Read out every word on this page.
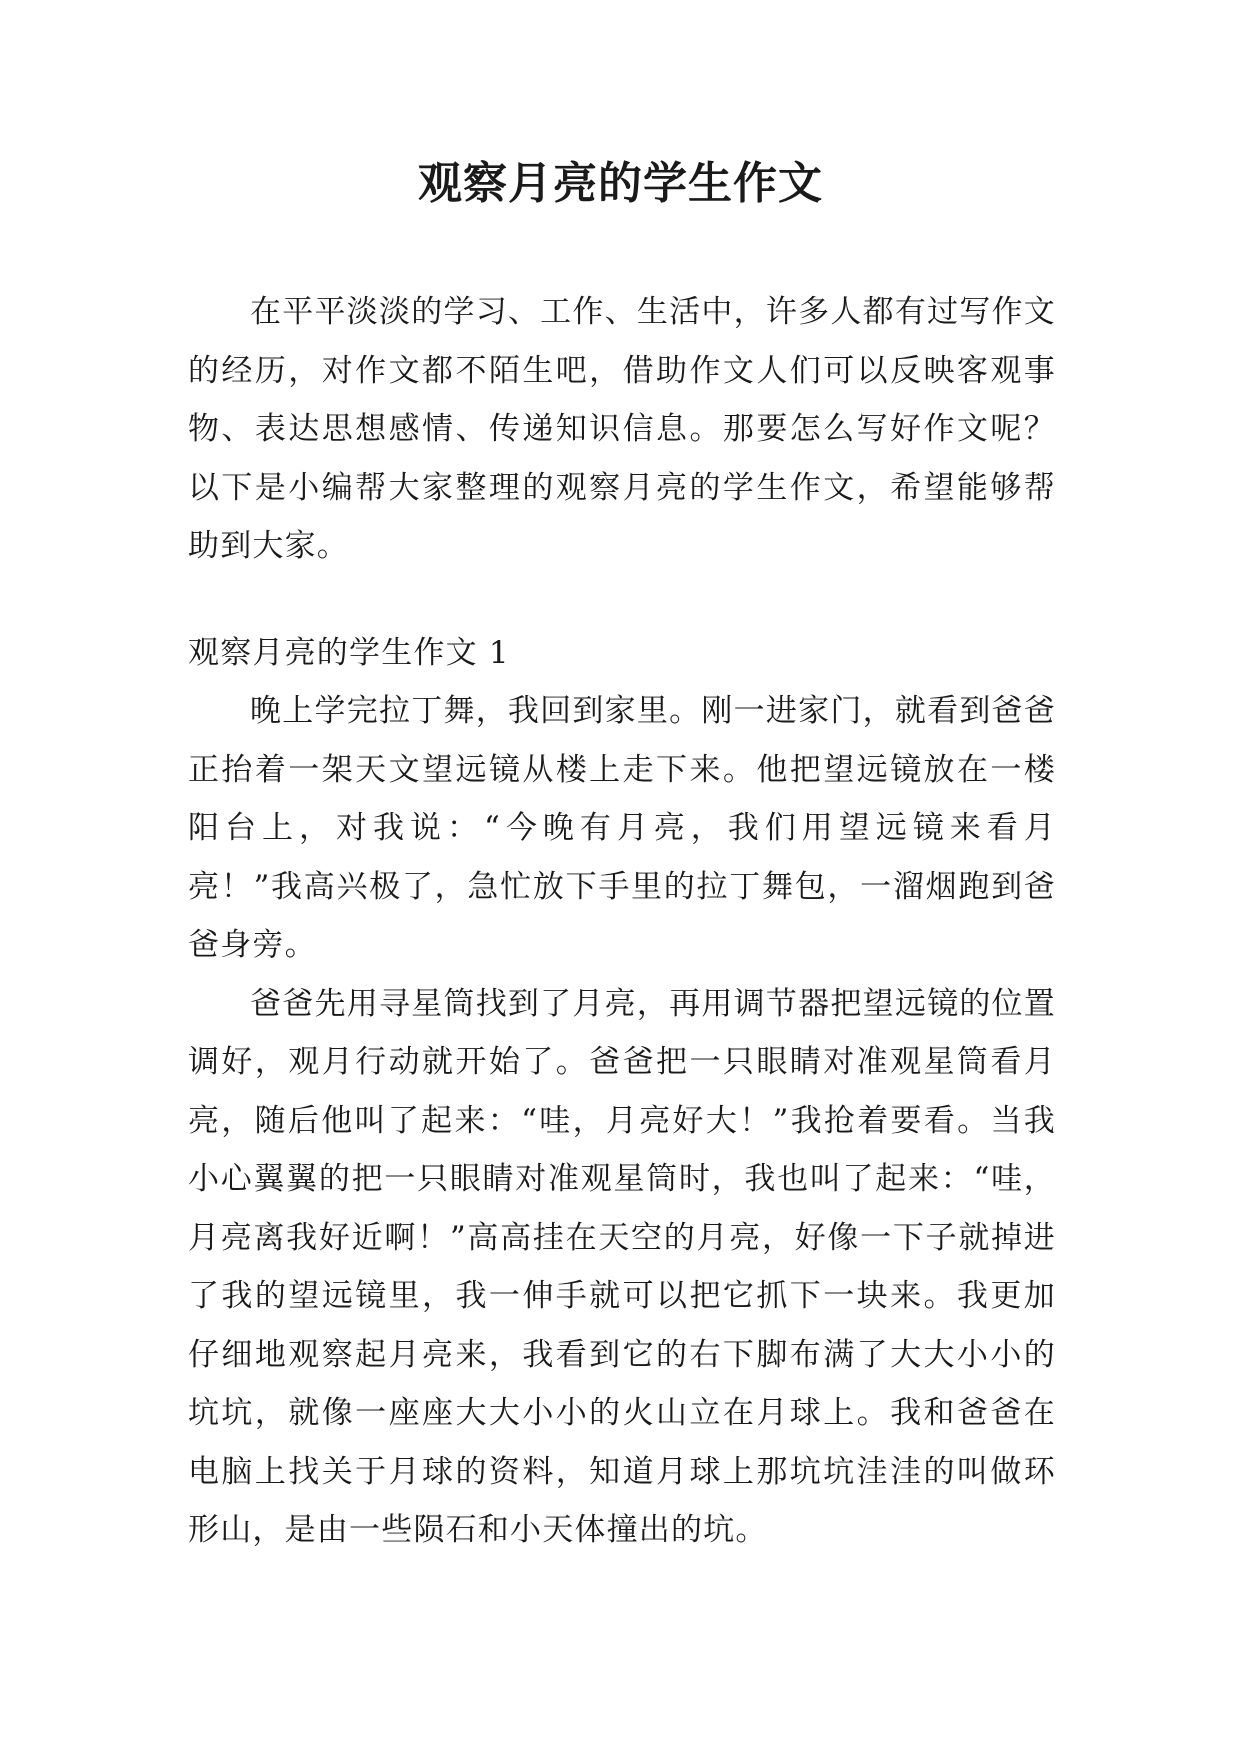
观察月亮的学生作文

在平平淡淡的学习、工作、生活中，许多人都有过写作文的经历，对作文都不陌生吧，借助作文人们可以反映客观事物、表达思想感情、传递知识信息。那要怎么写好作文呢？以下是小编帮大家整理的观察月亮的学生作文，希望能够帮助到大家。

观察月亮的学生作文 1

晚上学完拉丁舞，我回到家里。刚一进家门，就看到爸爸正抬着一架天文望远镜从楼上走下来。他把望远镜放在一楼阳台上，对我说：“今晚有月亮，我们用望远镜来看月亮！”我高兴极了，急忙放下手里的拉丁舞包，一溜烟跑到爸爸身旁。

爸爸先用寻星筒找到了月亮，再用调节器把望远镜的位置调好，观月行动就开始了。爸爸把一只眼睛对准观星筒看月亮，随后他叫了起来：“哇，月亮好大！”我抢着要看。当我小心翼翼的把一只眼睛对准观星筒时，我也叫了起来：“哇，月亮离我好近啊！”高高挂在天空的月亮，好像一下子就掉进了我的望远镜里，我一伸手就可以把它抓下一块来。我更加仔细地观察起月亮来，我看到它的右下脚布满了大大小小的坑坑，就像一座座大大小小的火山立在月球上。我和爸爸在电脑上找关于月球的资料，知道月球上那坑坑洼洼的叫做环形山，是由一些陨石和小天体撞出的坑。
